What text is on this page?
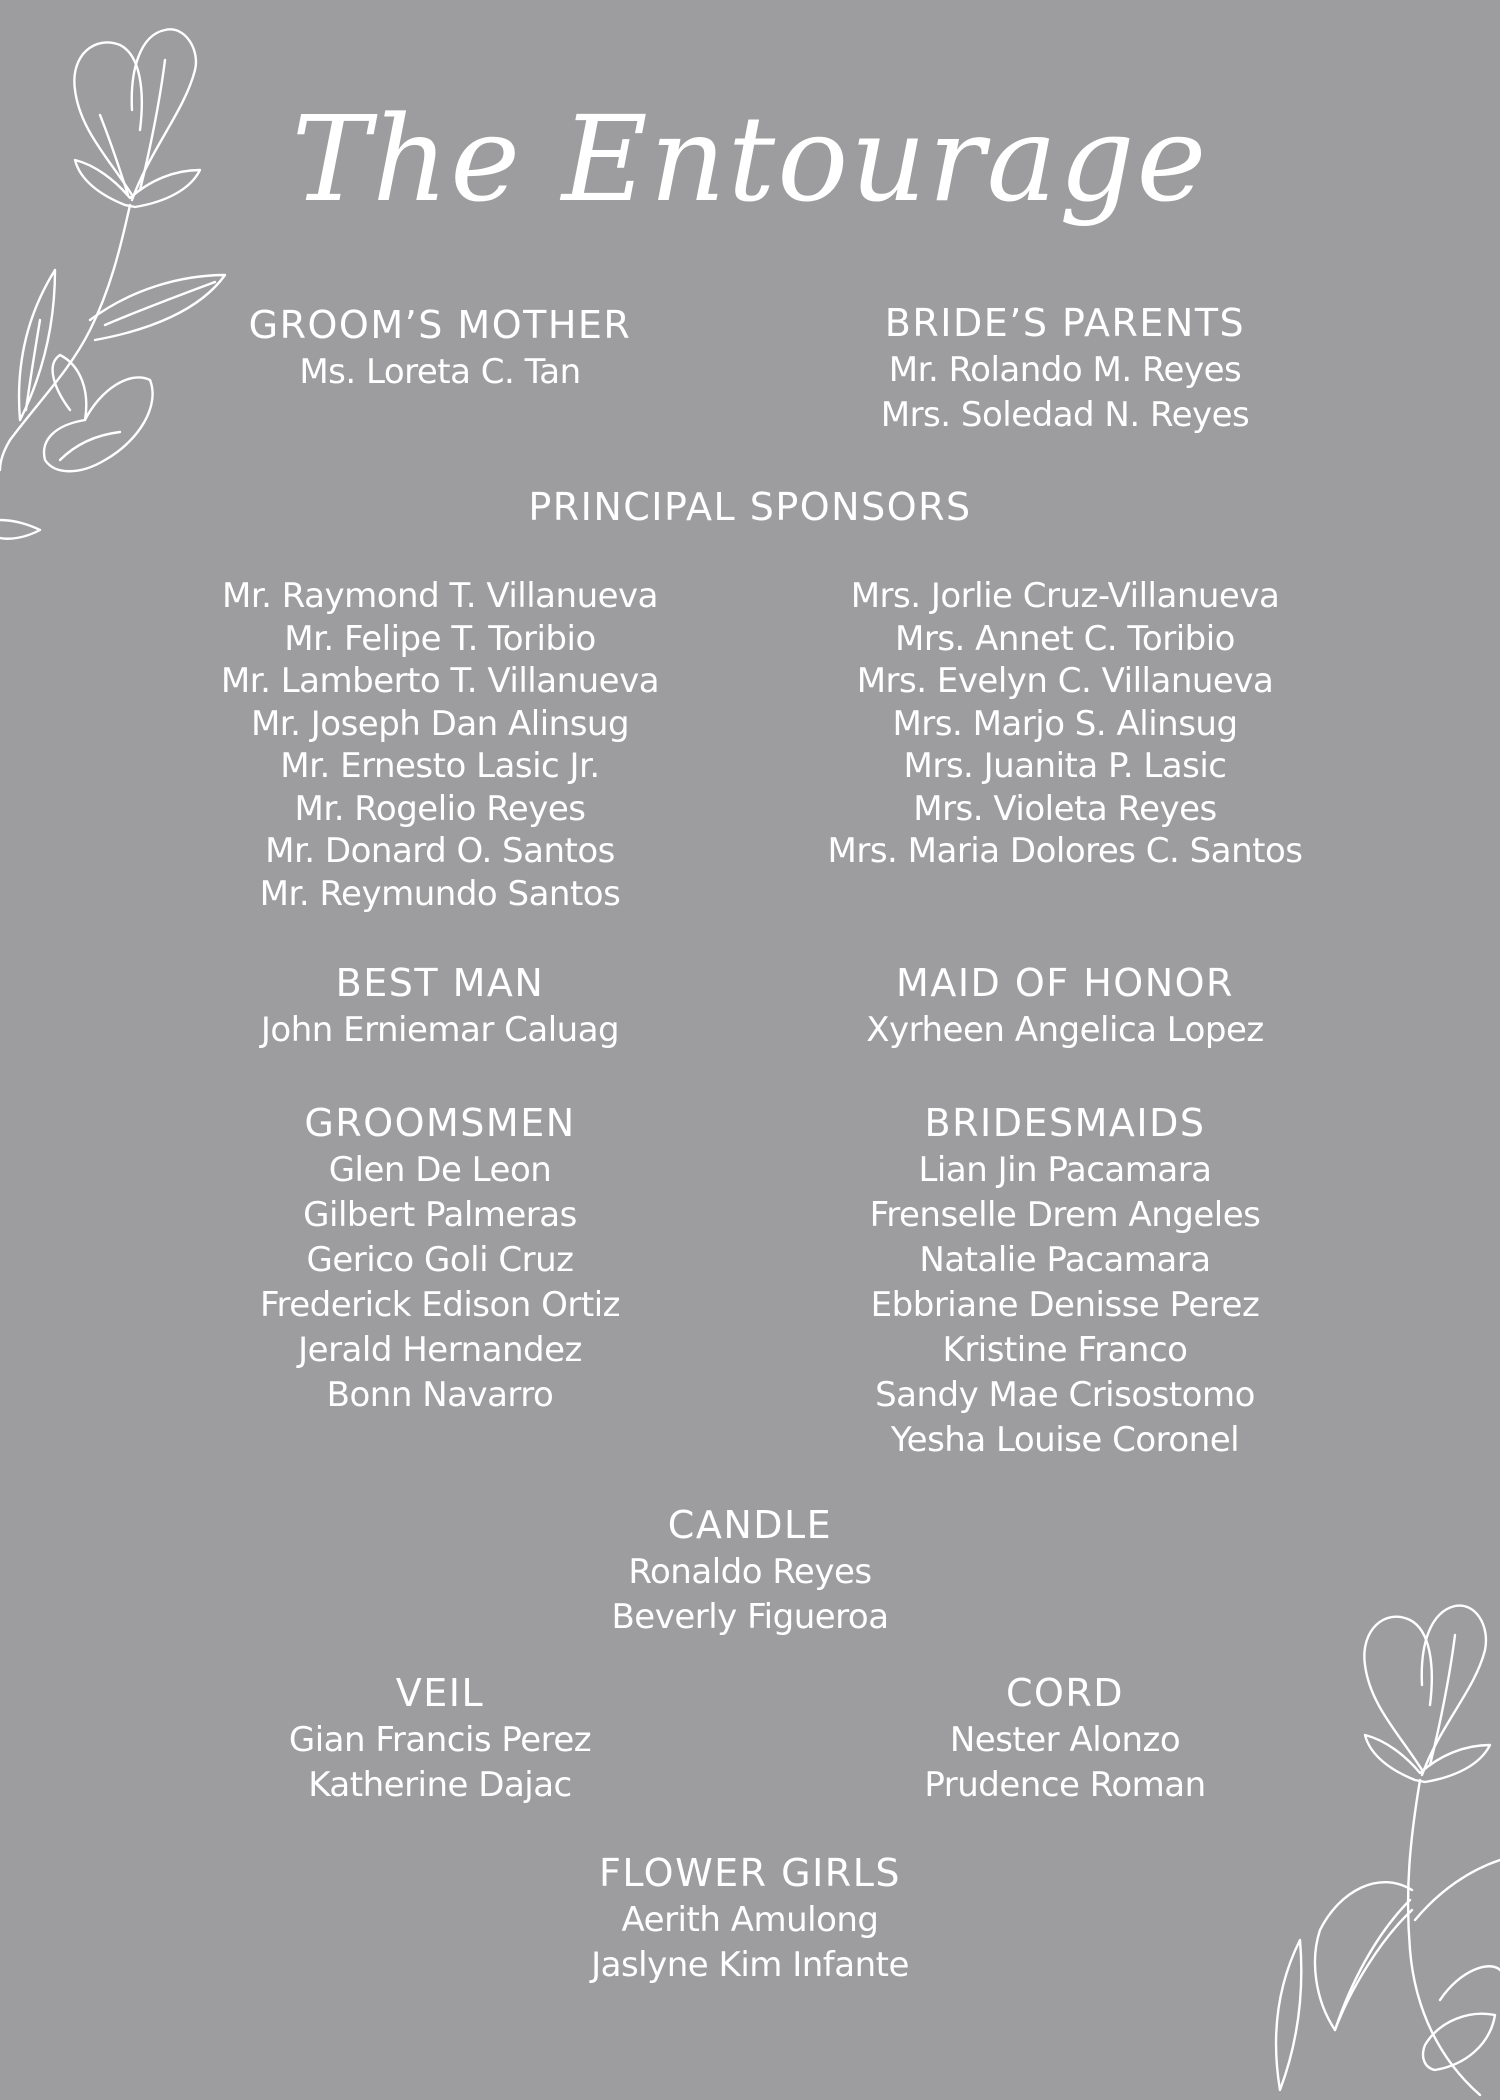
The Entourage
GROOM’S MOTHER
Ms. Loreta C. Tan
BRIDE’S PARENTS
Mr. Rolando M. Reyes
Mrs. Soledad N. Reyes
PRINCIPAL SPONSORS
Mr. Raymond T. Villanueva
Mr. Felipe T. Toribio
Mr. Lamberto T. Villanueva
Mr. Joseph Dan Alinsug
Mr. Ernesto Lasic Jr.
Mr. Rogelio Reyes
Mr. Donard O. Santos
Mr. Reymundo Santos
Mrs. Jorlie Cruz-Villanueva
Mrs. Annet C. Toribio
Mrs. Evelyn C. Villanueva
Mrs. Marjo S. Alinsug
Mrs. Juanita P. Lasic
Mrs. Violeta Reyes
Mrs. Maria Dolores C. Santos
BEST MAN
John Erniemar Caluag
MAID OF HONOR
Xyrheen Angelica Lopez
GROOMSMEN
Glen De Leon
Gilbert Palmeras
Gerico Goli Cruz
Frederick Edison Ortiz
Jerald Hernandez
Bonn Navarro
BRIDESMAIDS
Lian Jin Pacamara
Frenselle Drem Angeles
Natalie Pacamara
Ebbriane Denisse Perez
Kristine Franco
Sandy Mae Crisostomo
Yesha Louise Coronel
CANDLE
Ronaldo Reyes
Beverly Figueroa
VEIL
Gian Francis Perez
Katherine Dajac
CORD
Nester Alonzo
Prudence Roman
FLOWER GIRLS
Aerith Amulong
Jaslyne Kim Infante
